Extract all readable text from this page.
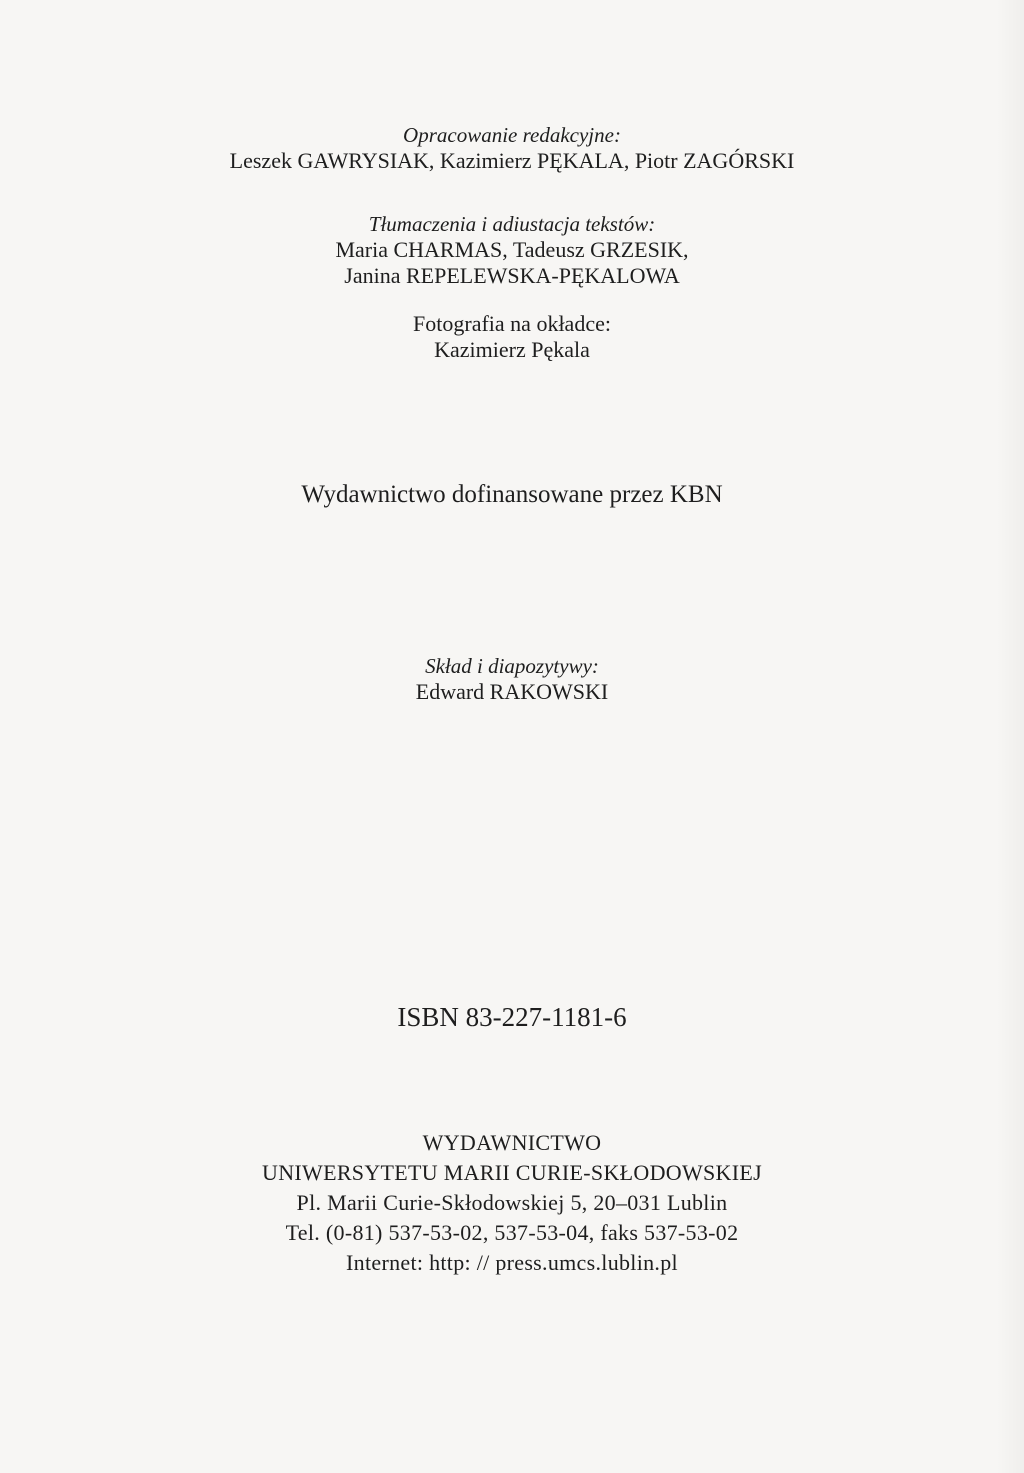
Opracowanie redakcyjne:
Leszek GAWRYSIAK, Kazimierz PĘKALA, Piotr ZAGÓRSKI
Tłumaczenia i adiustacja tekstów:
Maria CHARMAS, Tadeusz GRZESIK,
Janina REPELEWSKA-PĘKALOWA
Fotografia na okładce:
Kazimierz Pękala
Wydawnictwo dofinansowane przez KBN
Skład i diapozytywy:
Edward RAKOWSKI
ISBN 83-227-1181-6
WYDAWNICTWO
UNIWERSYTETU MARII CURIE-SKŁODOWSKIEJ
Pl. Marii Curie-Skłodowskiej 5, 20–031 Lublin
Tel. (0-81) 537-53-02, 537-53-04, faks 537-53-02
Internet: http: // press.umcs.lublin.pl
